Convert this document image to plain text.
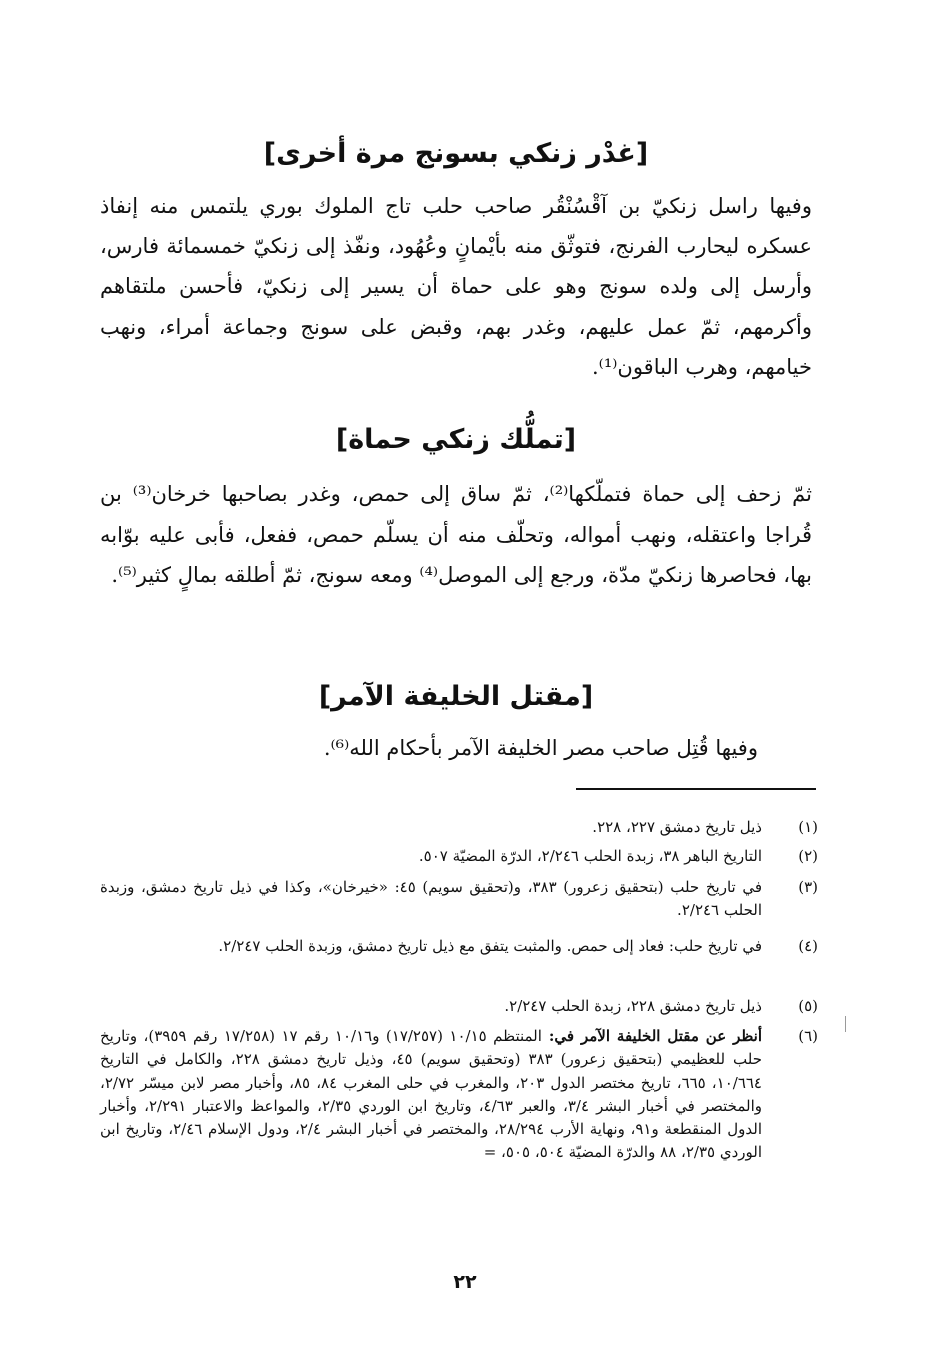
[غدْر زنكي بسونج مرة أخرى]
وفيها راسل زنكيّ بن آقْسُنْقُر صاحب حلب تاج الملوك بوري يلتمس منه إنفاذ عسكره ليحارب الفرنج، فتوثّق منه بأيْمانٍ وعُهُود، ونفّذ إلى زنكيّ خمسمائة فارس، وأرسل إلى ولده سونج وهو على حماة أن يسير إلى زنكيّ، فأحسن ملتقاهم وأكرمهم، ثمّ عمل عليهم، وغدر بهم، وقبض على سونج وجماعة أمراء، ونهب خيامهم، وهرب الباقون⁽¹⁾.
[تملُّك زنكي حماة]
ثمّ زحف إلى حماة فتملّكها⁽²⁾، ثمّ ساق إلى حمص، وغدر بصاحبها خرخان⁽³⁾ بن قُراجا واعتقله، ونهب أمواله، وتحلّف منه أن يسلّم حمص، ففعل، فأبى عليه بوّابه بها، فحاصرها زنكيّ مدّة، ورجع إلى الموصل⁽⁴⁾ ومعه سونج، ثمّ أطلقه بمالٍ كثير⁽⁵⁾.
[مقتل الخليفة الآمر]
وفيها قُتِل صاحب مصر الخليفة الآمر بأحكام الله⁽⁶⁾.
(١)
ذيل تاريخ دمشق ٢٢٧، ٢٢٨.
(٢)
التاريخ الباهر ٣٨، زبدة الحلب ٢/٢٤٦، الدرّة المضيّة ٥٠٧.
(٣)
في تاريخ حلب (بتحقيق زعرور) ٣٨٣، و(تحقيق سويم) ٤٥: «خيرخان»، وكذا في ذيل تاريخ دمشق، وزبدة الحلب ٢/٢٤٦.
(٤)
في تاريخ حلب: فعاد إلى حمص. والمثبت يتفق مع ذيل تاريخ دمشق، وزبدة الحلب ٢/٢٤٧.
(٥)
ذيل تاريخ دمشق ٢٢٨، زبدة الحلب ٢/٢٤٧.
(٦)
أنظر عن مقتل الخليفة الآمر في: المنتظم ١٠/١٥ (١٧/٢٥٧) و١٠/١٦ رقم ١٧ (١٧/٢٥٨ رقم ٣٩٥٩)، وتاريخ حلب للعظيمي (بتحقيق زعرور) ٣٨٣ (وتحقيق سويم) ٤٥، وذيل تاريخ دمشق ٢٢٨، والكامل في التاريخ ١٠/٦٦٤، ٦٦٥، تاريخ مختصر الدول ٢٠٣، والمغرب في حلى المغرب ٨٤، ٨٥، وأخبار مصر لابن ميسّر ٢/٧٢، والمختصر في أخبار البشر ٣/٤، والعبر ٤/٦٣، وتاريخ ابن الوردي ٢/٣٥، والمواعظ والاعتبار ٢/٢٩١، وأخبار الدول المنقطعة و٩١، ونهاية الأرب ٢٨/٢٩٤، والمختصر في أخبار البشر ٢/٤، ودول الإسلام ٢/٤٦، وتاريخ ابن الوردي ٢/٣٥، ٨٨ والدرّة المضيّة ٥٠٤، ٥٠٥، =
٢٢
